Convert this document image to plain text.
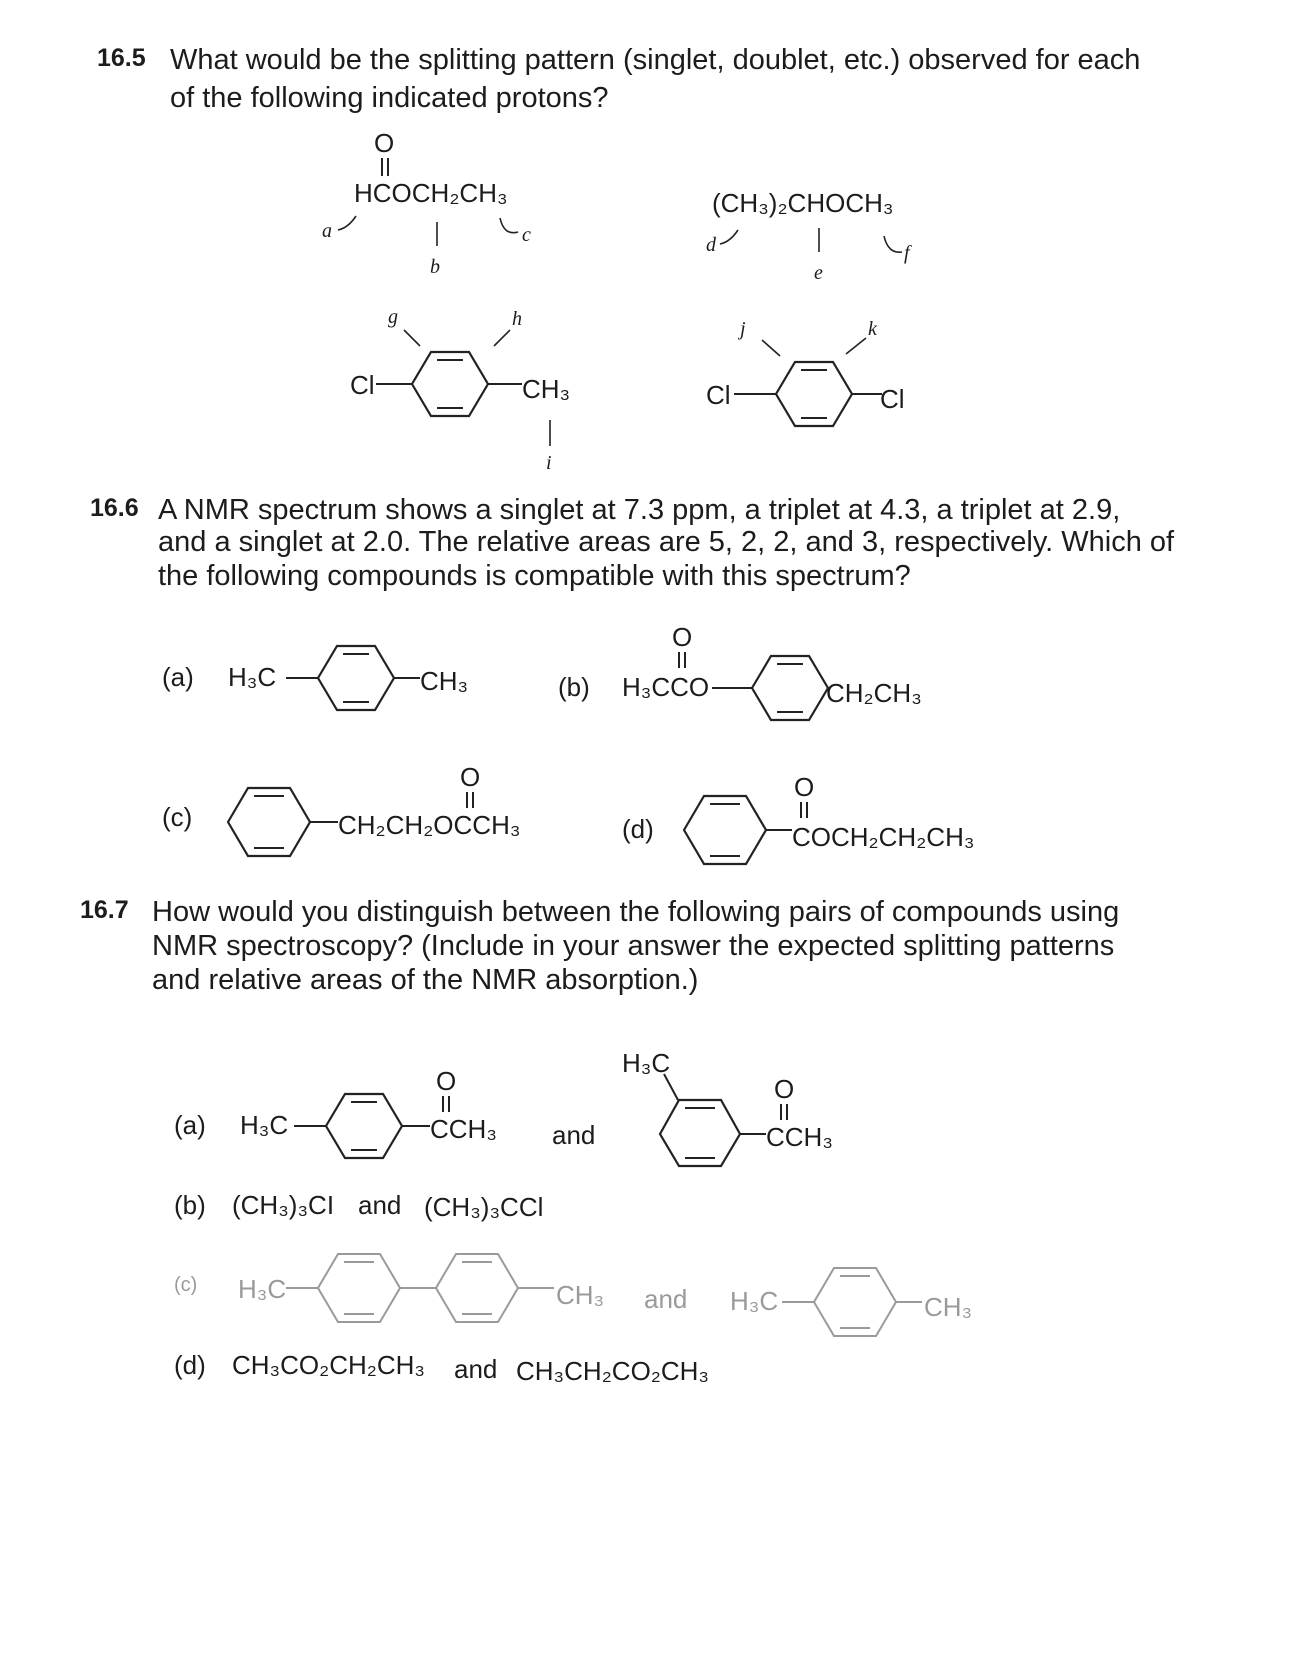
16.5 What would be the splitting pattern (singlet, doublet, etc.) observed for each
of the following indicated protons?
O
HCOCH₂CH₃
a
b
c
(CH₃)₂CHOCH₃
d
e
f
g	h
Cl	CH₃
i
j	k
Cl	Cl
16.6 A NMR spectrum shows a singlet at 7.3 ppm, a triplet at 4.3, a triplet at 2.9,
and a singlet at 2.0. The relative areas are 5, 2, 2, and 3, respectively. Which of
the following compounds is compatible with this spectrum?
(a) H₃C	CH₃
O
(b) H₃CCO	CH₂CH₃
(c)
O
CH₂CH₂OCCH₃	(d)
O
COCH₂CH₂CH₃
16.7 How would you distinguish between the following pairs of compounds using
NMR spectroscopy? (Include in your answer the expected splitting patterns
and relative areas of the NMR absorption.)
(a) H₃C
O
CCH₃ and
H₃C
O
CCH₃
(b) (CH₃)₃CI and (CH₃)₃CCl
(c) H₃C	CH₃ and H₃C	CH₃
(d) CH₃CO₂CH₂CH₃ and CH₃CH₂CO₂CH₃
